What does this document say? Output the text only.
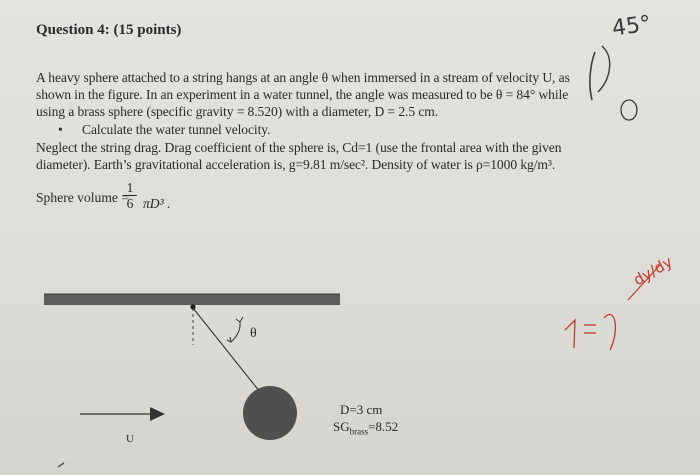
Question 4: (15 points)
A heavy sphere attached to a string hangs at an angle θ when immersed in a stream of velocity U, as
shown in the figure. In an experiment in a water tunnel, the angle was measured to be θ = 84° while
using a brass sphere (specific gravity = 8.520) with a diameter, D = 2.5 cm.
• Calculate the water tunnel velocity.
Neglect the string drag. Drag coefficient of the sphere is, Cd=1 (use the frontal area with the given
diameter). Earth’s gravitational acceleration is, g=9.81 m/sec². Density of water is ρ=1000 kg/m³.
Sphere volume =
$\frac{1}{6} \pi D^3$ .
θ
U
D=3 cm
$SG_{brass}=8.52$
45°
dy/dy
